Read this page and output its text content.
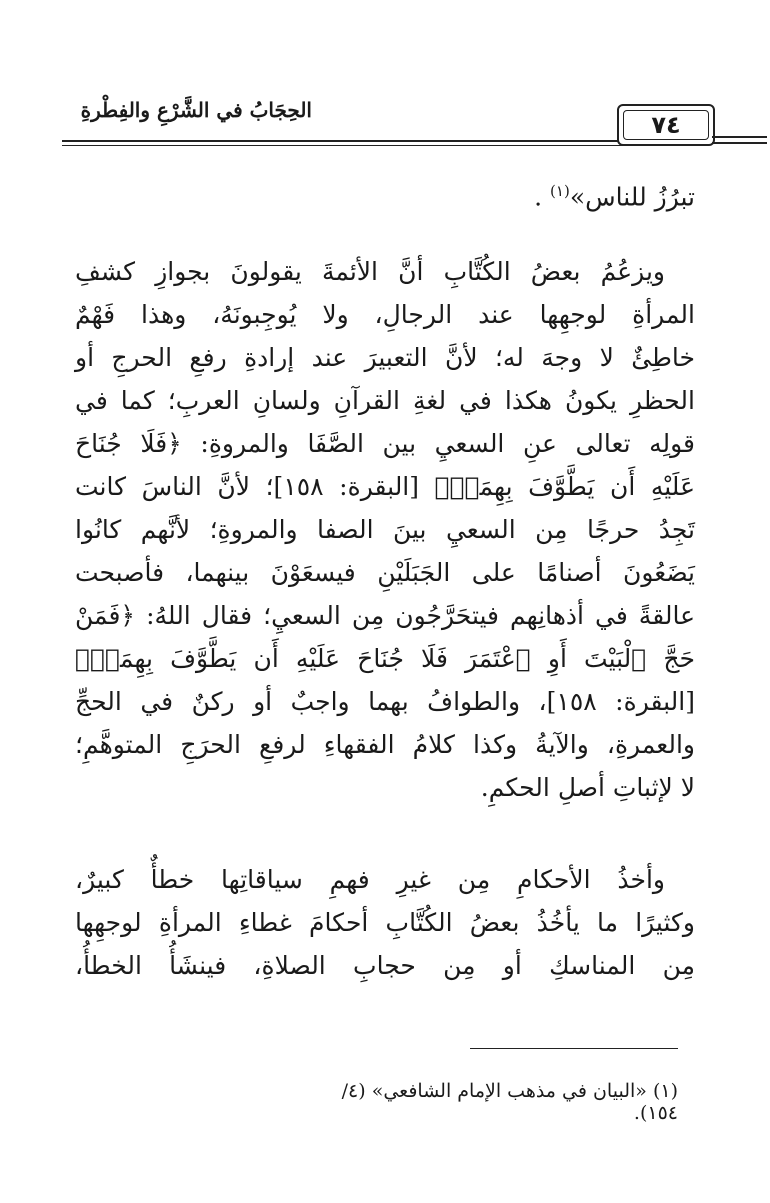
الحِجَابُ في الشَّرْعِ والفِطْرةِ
٧٤
تبرُزُ للناس»$^{(١)}$ .
ويزعُمُ بعضُ الكُتَّابِ أنَّ الأئمةَ يقولونَ بجوازِ كشفِ
المرأةِ لوجهِها عند الرجالِ، ولا يُوجِبونَهُ، وهذا فَهْمٌ
خاطِئٌ لا وجهَ له؛ لأنَّ التعبيرَ عند إرادةِ رفعِ الحرجِ أو
الحظرِ يكونُ هكذا في لغةِ القرآنِ ولسانِ العربِ؛ كما في
قولِه تعالى عنِ السعيِ بين الصَّفَا والمروةِ: ﴿فَلَا جُنَاحَ
عَلَيْهِ أَن يَطَّوَّفَ بِهِمَاۚ﴾ [البقرة: ١٥٨]؛ لأنَّ الناسَ كانت
تَجِدُ حرجًا مِن السعيِ بينَ الصفا والمروةِ؛ لأنَّهم كانُوا
يَضَعُونَ أصنامًا على الجَبَلَيْنِ فيسعَوْنَ بينهما، فأصبحت
عالقةً في أذهانِهم فيتحَرَّجُون مِن السعيِ؛ فقال اللهُ: ﴿فَمَنْ
حَجَّ ٱلْبَيْتَ أَوِ ٱعْتَمَرَ فَلَا جُنَاحَ عَلَيْهِ أَن يَطَّوَّفَ بِهِمَاۚ﴾
[البقرة: ١٥٨]، والطوافُ بهما واجبٌ أو ركنٌ في الحجِّ
والعمرةِ، والآيةُ وكذا كلامُ الفقهاءِ لرفعِ الحرَجِ المتوهَّمِ؛
لا لإثباتِ أصلِ الحكمِ.
وأخذُ الأحكامِ مِن غيرِ فهمِ سياقاتِها خطأٌ كبيرٌ،
وكثيرًا ما يأخُذُ بعضُ الكُتَّابِ أحكامَ غطاءِ المرأةِ لوجهِها
مِن المناسكِ أو مِن حجابِ الصلاةِ، فينشَأُ الخطأُ،
(١) «البيان في مذهب الإمام الشافعي» (٤/ ١٥٤).
